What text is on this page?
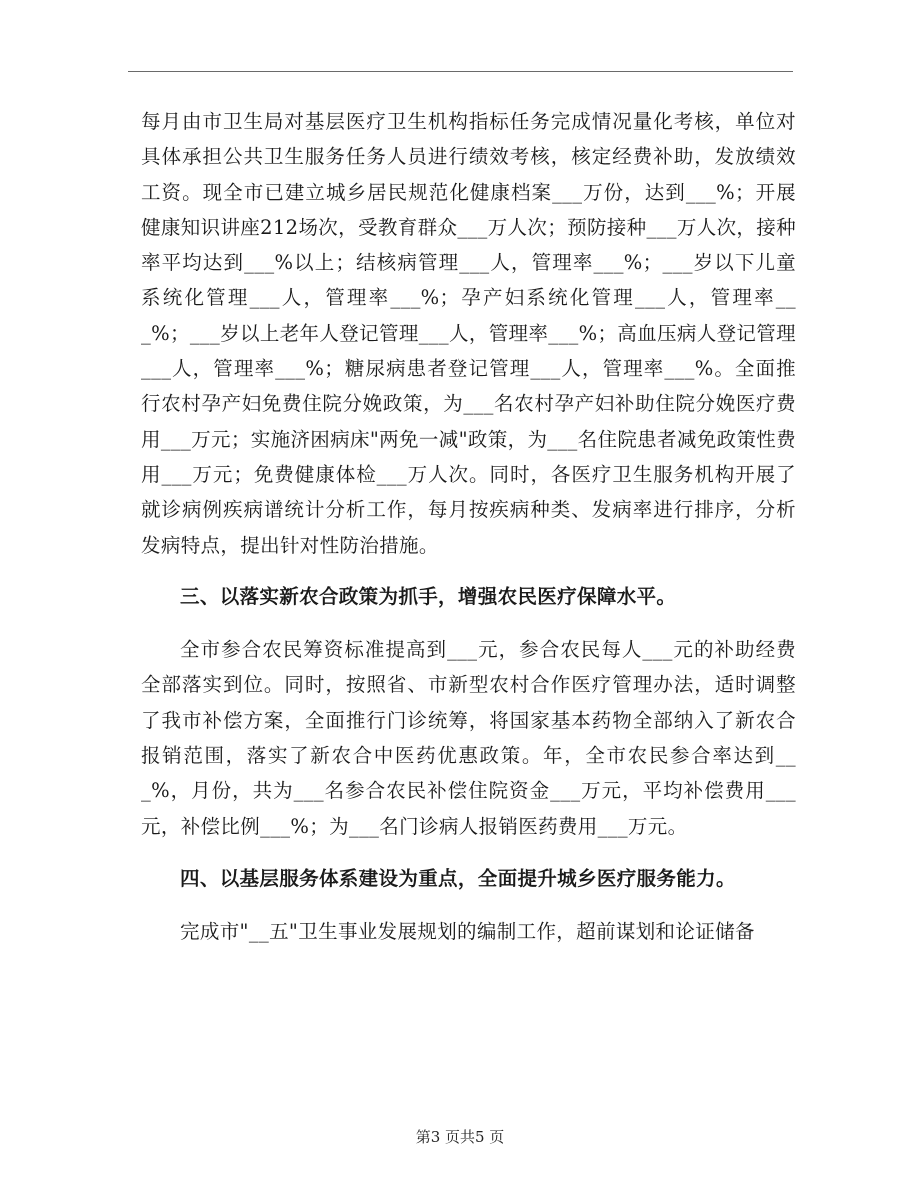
每月由市卫生局对基层医疗卫生机构指标任务完成情况量化考核，单位对具体承担公共卫生服务任务人员进行绩效考核，核定经费补助，发放绩效工资。现全市已建立城乡居民规范化健康档案___万份，达到___%；开展健康知识讲座212场次，受教育群众___万人次；预防接种___万人次，接种率平均达到___%以上；结核病管理___人，管理率___%；___岁以下儿童系统化管理___人，管理率___%；孕产妇系统化管理___人，管理率___%；___岁以上老年人登记管理___人，管理率___%；高血压病人登记管理___人，管理率___%；糖尿病患者登记管理___人，管理率___%。全面推行农村孕产妇免费住院分娩政策，为___名农村孕产妇补助住院分娩医疗费用___万元；实施济困病床"两免一减"政策，为___名住院患者减免政策性费用___万元；免费健康体检___万人次。同时，各医疗卫生服务机构开展了就诊病例疾病谱统计分析工作，每月按疾病种类、发病率进行排序，分析发病特点，提出针对性防治措施。

三、以落实新农合政策为抓手，增强农民医疗保障水平。

全市参合农民筹资标准提高到___元，参合农民每人___元的补助经费全部落实到位。同时，按照省、市新型农村合作医疗管理办法，适时调整了我市补偿方案，全面推行门诊统筹，将国家基本药物全部纳入了新农合报销范围，落实了新农合中医药优惠政策。年，全市农民参合率达到___%，月份，共为___名参合农民补偿住院资金___万元，平均补偿费用___元，补偿比例___%；为___名门诊病人报销医药费用___万元。

四、以基层服务体系建设为重点，全面提升城乡医疗服务能力。

完成市"__五"卫生事业发展规划的编制工作，超前谋划和论证储备

第3 页共5 页
